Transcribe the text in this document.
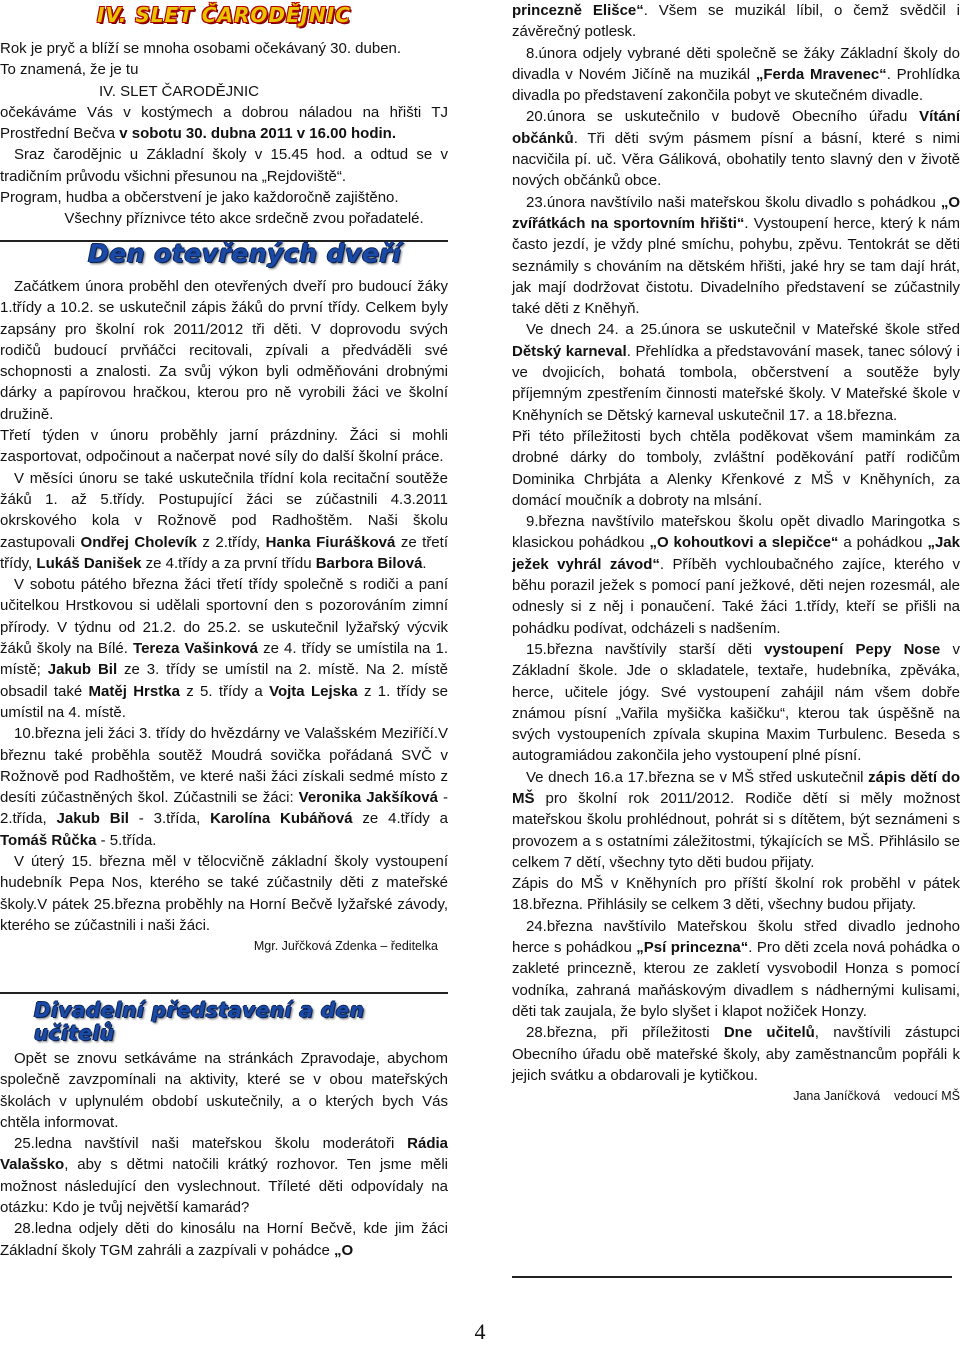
IV. SLET ČARODĚJNIC

Rok je pryč a blíží se mnoha osobami očekávaný 30. duben.

To znamená, že je tu

IV. SLET ČARODĚJNIC

očekáváme Vás v kostýmech a dobrou náladou na hřišti TJ Prostřední Bečva v sobotu 30. dubna 2011 v 16.00 hodin.

Sraz čarodějnic u Základní školy v 15.45 hod. a odtud se v tradičním průvodu všichni přesunou na „Rejdoviště“.

Program, hudba a občerstvení je jako každoročně zajištěno.

Všechny příznivce této akce srdečně zvou pořadatelé.

Den otevřených dveří

Začátkem února proběhl den otevřených dveří pro budoucí žáky 1.třídy a 10.2. se uskutečnil zápis žáků do první třídy. Celkem byly zapsány pro školní rok 2011/2012 tři děti. V doprovodu svých rodičů budoucí prvňáčci recitovali, zpívali a předváděli své schopnosti a znalosti. Za svůj výkon byli odměňováni drobnými dárky a papírovou hračkou, kterou pro ně vyrobili žáci ve školní družině.

Třetí týden v únoru proběhly jarní prázdniny. Žáci si mohli zasportovat, odpočinout a načerpat nové síly do další školní práce.

V měsíci únoru se také uskutečnila třídní kola recitační soutěže žáků 1. až 5.třídy. Postupující žáci se zúčastnili 4.3.2011 okrskového kola v Rožnově pod Radhoštěm. Naši školu zastupovali Ondřej Cholevík z 2.třídy, Hanka Fiurášková ze třetí třídy, Lukáš Danišek ze 4.třídy a za první třídu Barbora Bilová.

V sobotu pátého března žáci třetí třídy společně s rodiči a paní učitelkou Hrstkovou si udělali sportovní den s pozorováním zimní přírody. V týdnu od 21.2. do 25.2. se uskutečnil lyžařský výcvik žáků školy na Bílé. Tereza Vašinková ze 4. třídy se umístila na 1. místě; Jakub Bil ze 3. třídy se umístil na 2. místě. Na 2. místě obsadil také Matěj Hrstka z 5. třídy a Vojta Lejska z 1. třídy se umístil na 4. místě.

10.března jeli žáci 3. třídy do hvězdárny ve Valašském Meziříčí.V březnu také proběhla soutěž Moudrá sovička pořádaná SVČ v Rožnově pod Radhoštěm, ve které naši žáci získali sedmé místo z desíti zúčastněných škol. Zúčastnili se žáci: Veronika Jakšíková - 2.třída, Jakub Bil - 3.třída, Karolína Kubáňová ze 4.třídy a Tomáš Růčka - 5.třída.

V úterý 15. března měl v tělocvičně základní školy vystoupení hudebník Pepa Nos, kterého se také zúčastnily děti z mateřské školy.V pátek 25.března proběhly na Horní Bečvě lyžařské závody, kterého se zúčastnili i naši žáci.

Mgr. Juřčková Zdenka – ředitelka

Divadelní představení a den učitelů

Opět se znovu setkáváme na stránkách Zpravodaje, abychom společně zavzpomínali na aktivity, které se v obou mateřských školách v uplynulém období uskutečnily, a o kterých bych Vás chtěla informovat.

25.ledna navštívil naši mateřskou školu moderátoři Rádia Valašsko, aby s dětmi natočili krátký rozhovor. Ten jsme měli možnost následující den vyslechnout. Tříleté děti odpovídaly na otázku: Kdo je tvůj největší kamarád?

28.ledna odjely děti do kinosálu na Horní Bečvě, kde jim žáci Základní školy TGM zahráli a zazpívali v pohádce „O

princezně Elišce“. Všem se muzikál líbil, o čemž svědčil i závěrečný potlesk.

8.února odjely vybrané děti společně se žáky Základní školy do divadla v Novém Jičíně na muzikál „Ferda Mravenec“. Prohlídka divadla po představení zakončila pobyt ve skutečném divadle.

20.února se uskutečnilo v budově Obecního úřadu Vítání občánků. Tři děti svým pásmem písní a básní, které s nimi nacvičila pí. uč. Věra Gáliková, obohatily tento slavný den v životě nových občánků obce.

23.února navštívilo naši mateřskou školu divadlo s pohádkou „O zvířátkách na sportovním hřišti“. Vystoupení herce, který k nám často jezdí, je vždy plné smíchu, pohybu, zpěvu. Tentokrát se děti seznámily s chováním na dětském hřišti, jaké hry se tam dají hrát, jak mají dodržovat čistotu. Divadelního představení se zúčastnily také děti z Kněhyň.

Ve dnech 24. a 25.února se uskutečnil v Mateřské škole střed Dětský karneval. Přehlídka a představování masek, tanec sólový i ve dvojicích, bohatá tombola, občerstvení a soutěže byly příjemným zpestřením činnosti mateřské školy. V Mateřské škole v Kněhyních se Dětský karneval uskutečnil 17. a 18.března.

Při této příležitosti bych chtěla poděkovat všem maminkám za drobné dárky do tomboly, zvláštní poděkování patří rodičům Dominika Chrbjáta a Alenky Křenkové z MŠ v Kněhyních, za domácí moučník a dobroty na mlsání.

9.března navštívilo mateřskou školu opět divadlo Maringotka s klasickou pohádkou „O kohoutkovi a slepičce“ a pohádkou „Jak ježek vyhrál závod“. Příběh vychloubačného zajíce, kterého v běhu porazil ježek s pomocí paní ježkové, děti nejen rozesmál, ale odnesly si z něj i ponaučení. Také žáci 1.třídy, kteří se přišli na pohádku podívat, odcházeli s nadšením.

15.března navštívily starší děti vystoupení Pepy Nose v Základní škole. Jde o skladatele, textaře, hudebníka, zpěváka, herce, učitele jógy. Své vystoupení zahájil nám všem dobře známou písní „Vařila myšička kašičku“, kterou tak úspěšně na svých vystoupeních zpívala skupina Maxim Turbulenc. Beseda s autogramiádou zakončila jeho vystoupení plné písní.

Ve dnech 16.a 17.března se v MŠ střed uskutečnil zápis dětí do MŠ pro školní rok 2011/2012. Rodiče dětí si měly možnost mateřskou školu prohlédnout, pohrát si s dítětem, být seznámeni s provozem a s ostatními záležitostmi, týkajících se MŠ. Přihlásilo se celkem 7 dětí, všechny tyto děti budou přijaty.

Zápis do MŠ v Kněhyních pro příští školní rok proběhl v pátek 18.března. Přihlásily se celkem 3 děti, všechny budou přijaty.

24.března navštívilo Mateřskou školu střed divadlo jednoho herce s pohádkou „Psí princezna“. Pro děti zcela nová pohádka o zakleté princezně, kterou ze zakletí vysvobodil Honza s pomocí vodníka, zahraná maňáskovým divadlem s nádhernými kulisami, děti tak zaujala, že bylo slyšet i klapot nožiček Honzy.

28.března, při příležitosti Dne učitelů, navštívili zástupci Obecního úřadu obě mateřské školy, aby zaměstnancům popřáli k jejich svátku a obdarovali je kytičkou.

Jana Janíčková    vedoucí MŠ

4
